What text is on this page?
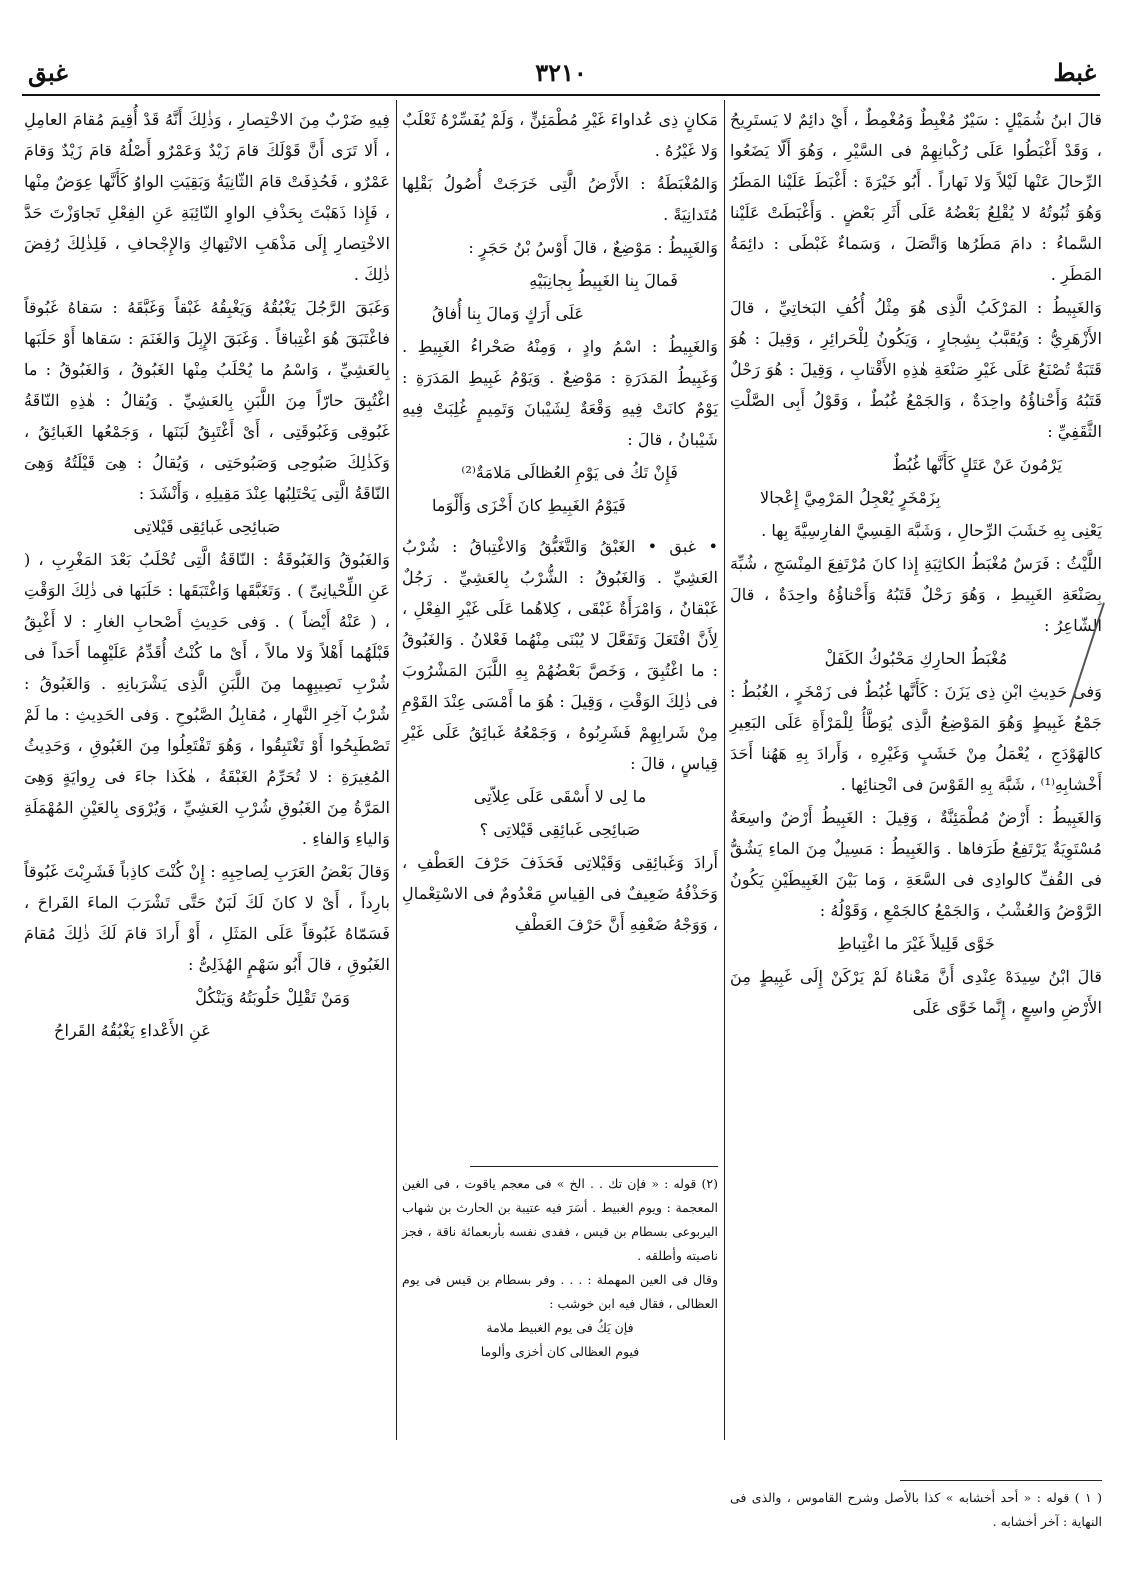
غبط
٣٢١٠
غبق

قالَ ابنُ شُمَيْلٍ : سَيْرٌ مُغْبِطٌ وَمُغْمِطٌ ، أَيْ دائِمٌ لا يَستَرِيحُ ، وَقَدْ أَغْبَطُوا عَلَى رُكْبانِهِمْ فى السَّيْرِ ، وَهُوَ أَلّا يَضَعُوا الرِّحالَ عَنْها لَيْلاً وَلا نَهاراً . أَبُو خَيْرَةَ : أَغْبَطَ عَلَيْنا المَطَرُ وَهُوَ ثُبُوتُهُ لا يُقْلِعُ بَعْضُهُ عَلَى أَثَرِ بَعْضٍ . وَأَغْبَطَتْ عَلَيْنا السَّماءُ : دامَ مَطَرُها وَاتَّصَلَ ، وَسَماءٌ غَبْطَى : دائِمَةُ المَطَرِ .

وَالغَبِيطُ : المَرْكَبُ الَّذِى هُوَ مِثْلُ أُكُفِ البَخاتِيِّ ، قالَ الأَزْهَرِيُّ : وَيُقَبَّبُ بِشِجارٍ ، وَيَكُونُ لِلْحَرائِرِ ، وَقِيلَ : هُوَ قَتَبَةٌ تُصْنَعُ عَلَى غَيْرِ صَنْعَةِ هٰذِهِ الأَقْتابِ ، وَقِيلَ : هُوَ رَحْلٌ قَتَبُهُ وَأَحْناؤُهُ واحِدَةٌ ، وَالجَمْعُ غُبُطٌ ، وَقَوْلُ أَبِى الصَّلْتِ الثَّقَفِيِّ :

يَرْمُونَ عَنْ عَتَلٍ كَأَنَّها غُبُطٌ

بِزَمْخَرٍ يُعْجِلُ المَرْمِيَّ إِعْجالا

يَعْنِى بِهِ خَشَبَ الرِّحالِ ، وَشَبَّهَ القِسِيَّ الفارِسِيَّةَ بِها .

اللَّيْثُ : فَرَسٌ مُغْبَطُ الكاثِبَةِ إِذا كانَ مُرْتَفِعَ المِنْسَجِ ، شُبِّهَ بِصَنْعَةِ الغَبِيطِ ، وَهُوَ رَحْلٌ قَتَبُهُ وَأَحْناؤُهُ واحِدَةٌ ، قالَ الشّاعِرُ :

مُغْبَطُ الحارِكِ مَحْبُوكُ الكَفَلْ

وَفى حَدِيثِ ابْنِ ذِى يَزَنَ : كَأَنَّها غُبُطٌ فى زَمْخَرٍ ، الغُبُطُ : جَمْعُ غَبِيطٍ وَهُوَ المَوْضِعُ الَّذِى يُوَطَّأُ لِلْمَرْأَةِ عَلَى البَعِيرِ كالهَوْدَجِ ، يُعْمَلُ مِنْ خَشَبٍ وَغَيْرِهِ ، وَأَرادَ بِهِ هَهُنا أَحَدَ أَخْشابِهِ⁽¹⁾ ، شَبَّهَ بِهِ القَوْسَ فى انْحِنائِها .

وَالغَبِيطُ : أَرْضٌ مُطْمَئِنَّةٌ ، وَقِيلَ : الغَبِيطُ أَرْضٌ واسِعَةٌ مُسْتَوِيَةٌ يَرْتَفِعُ طَرَفاها . وَالغَبِيطُ : مَسِيلٌ مِنَ الماءِ يَشُقُّ فى القُفِّ كالوادِى فى السَّعَةِ ، وَما بَيْنَ الغَبِيطَيْنِ يَكُونُ الرَّوْضُ وَالعُشْبُ ، وَالجَمْعُ كالجَمْعِ ، وَقَوْلُهُ :

خَوَّى قَلِيلاً غَيْرَ ما اغْتِباطِ

قالَ ابْنُ سِيدَهْ عِنْدِى أَنَّ مَعْناهُ لَمْ يَرْكَنْ إِلَى غَبِيطٍ مِنَ الأَرْضِ واسِعٍ ، إِنَّما خَوَّى عَلَى

مَكانٍ ذِى عُداواءَ غَيْرِ مُطْمَئِنٍّ ، وَلَمْ يُفَسِّرْهُ ثَعْلَبٌ وَلا غَيْرُهُ .

وَالمُغْبَطَةُ : الأَرْضُ الَّتِى خَرَجَتْ أُصُولُ بَقْلِها مُتَدانِيَةً .

وَالغَبِيطُ : مَوْضِعٌ ، قالَ أَوْسُ بْنُ حَجَرٍ :

فَمالَ بِنا الغَبِيطُ بِجانِبَيْهِ

عَلَى أَرَكٍ وَمالَ بِنا أُفاقُ

وَالغَبِيطُ : اسْمُ وادٍ ، وَمِنْهُ صَحْراءُ الغَبِيطِ . وَغَبِيطُ المَدَرَةِ : مَوْضِعٌ . وَيَوْمُ غَبِيطِ المَدَرَةِ : يَوْمٌ كانَتْ فِيهِ وَقْعَةٌ لِشَيْبانَ وَتَمِيمٍ غُلِبَتْ فِيهِ شَيْبانُ ، قالَ :

فَإِنْ تَكُ فى يَوْمِ العُظالَى مَلامَةٌ⁽²⁾

فَيَوْمُ الغَبِيطِ كانَ أَخْزَى وَأَلْوَما

• غبق • الغَبْقُ وَالتَّغَبُّقُ وَالاغْتِباقُ : شُرْبُ العَشِيِّ . وَالغَبُوقُ : الشُّرْبُ بِالعَشِيِّ . رَجُلٌ غَبْقانُ ، وَامْرَأَةٌ غَبْقَى ، كِلاهُما عَلَى غَيْرِ الفِعْلِ ، لِأَنَّ افْتَعَلَ وَتَفَعَّلَ لا يُبْنَى مِنْهُما فَعْلانُ . وَالغَبُوقُ : ما اغْتُبِقَ ، وَخَصَّ بَعْضُهُمْ بِهِ اللَّبَنَ المَشْرُوبَ فى ذٰلِكَ الوَقْتِ ، وَقِيلَ : هُوَ ما أَمْسَى عِنْدَ القَوْمِ مِنْ شَرابِهِمْ فَشَرِبُوهُ ، وَجَمْعُهُ غَبائِقُ عَلَى غَيْرِ قِياسٍ ، قالَ :

ما لِى لا أَسْقَى عَلَى عِلاّتِى

صَبائِحِى غَبائِقِى قَيْلاتِى ؟

أَرادَ وَغَبائِقِى وَقَيْلاتِى فَحَذَفَ حَرْفَ العَطْفِ ، وَحَذْفُهُ ضَعِيفٌ فى القِياسِ مَعْدُومٌ فى الاسْتِعْمالِ ، وَوَجْهُ ضَعْفِهِ أَنَّ حَرْفَ العَطْفِ

فِيهِ ضَرْبٌ مِنَ الاخْتِصارِ ، وَذٰلِكَ أَنَّهُ قَدْ أُقِيمَ مُقامَ العامِلِ ، أَلا تَرَى أَنَّ قَوْلَكَ قامَ زَيْدٌ وَعَمْرٌو أَصْلُهُ قامَ زَيْدٌ وَقامَ عَمْرٌو ، فَحُذِفَتْ قامَ الثّانِيَةُ وَبَقِيَتِ الواوُ كَأَنَّها عِوَضٌ مِنْها ، فَإِذا ذَهَبْتَ بِحَذْفِ الواوِ النّائِبَةِ عَنِ الفِعْلِ تَجاوَزْتَ حَدَّ الاخْتِصارِ إِلَى مَذْهَبِ الانْتِهاكِ وَالإِجْحافِ ، فَلِذٰلِكَ رُفِضَ ذٰلِكَ .

وَغَبَقَ الرَّجُلَ يَغْبُقُهُ وَيَغْبِقُهُ غَبْقاً وَغَبَّقَهُ : سَقاهُ غَبُوقاً فاغْتَبَقَ هُوَ اغْتِباقاً . وَغَبَقَ الإِبِلَ وَالغَنَمَ : سَقاها أَوْ حَلَبَها بِالعَشِيِّ ، وَاسْمُ ما يُحْلَبُ مِنْها الغَبُوقُ ، وَالغَبُوقُ : ما اغْتُبِقَ حارّاً مِنَ اللَّبَنِ بِالعَشِيِّ . وَيُقالُ : هٰذِهِ النّاقَةُ غَبُوقِى وَغَبُوقَتِى ، أَىْ أَغْتَبِقُ لَبَنَها ، وَجَمْعُها الغَبائِقُ ، وَكَذٰلِكَ صَبُوحِى وَصَبُوحَتِى ، وَيُقالُ : هِىَ قَيْلَتُهُ وَهِىَ النّاقَةُ الَّتِى يَحْتَلِبُها عِنْدَ مَقِيلِهِ ، وَأَنْشَدَ :

صَبائِحِى غَبائِقِى قَيْلاتِى

وَالغَبُوقُ وَالغَبُوقَةُ : النّاقَةُ الَّتِى تُحْلَبُ بَعْدَ المَغْرِبِ ، ( عَنِ اللِّحْيانِىِّ ) . وَتَغَبَّقَها وَاغْتَبَقَها : حَلَبَها فى ذٰلِكَ الوَقْتِ ، ( عَنْهُ أَيْضاً ) . وَفى حَدِيثِ أَصْحابِ الغارِ : لا أَغْبِقُ قَبْلَهُما أَهْلاً وَلا مالاً ، أَىْ ما كُنْتُ أُقَدِّمُ عَلَيْهِما أَحَداً فى شُرْبِ نَصِيبِهِما مِنَ اللَّبَنِ الَّذِى يَشْرَبانِهِ . وَالغَبُوقُ : شُرْبُ آخِرِ النَّهارِ ، مُقابِلُ الصَّبُوحِ . وَفى الحَدِيثِ : ما لَمْ تَصْطَبِحُوا أَوْ تَغْتَبِقُوا ، وَهُوَ تَفْتَعِلُوا مِنَ الغَبُوقِ ، وَحَدِيثُ المُغِيرَةِ : لا تُحَرِّمُ الغَبْقَةُ ، هٰكَذا جاءَ فى رِوايَةٍ وَهِىَ المَرَّةُ مِنَ الغَبُوقِ شُرْبِ العَشِيِّ ، وَيُرْوَى بِالعَيْنِ المُهْمَلَةِ وَالياءِ وَالفاءِ .

وَقالَ بَعْضُ العَرَبِ لِصاحِبِهِ : إِنْ كُنْتَ كاذِباً فَشَرِبْتَ غَبُوقاً بارِداً ، أَىْ لا كانَ لَكَ لَبَنٌ حَتَّى تَشْرَبَ الماءَ القَراحَ ، فَسَمّاهُ غَبُوقاً عَلَى المَثَلِ ، أَوْ أَرادَ قامَ لَكَ ذٰلِكَ مُقامَ الغَبُوقِ ، قالَ أَبُو سَهْمٍ الهُذَلِىُّ :

وَمَنْ تَقْلِلْ حَلُوبَتُهُ وَيَنْكُلْ

عَنِ الأَعْداءِ يَغْبُقُهُ القَراحُ

(٢) قوله : « فإن تك . . الخ » فى معجم ياقوت ، فى الغين المعجمة : ويوم الغبيط . أسَرَ فيه عتيبة بن الحارث بن شهاب اليربوعى بسطام بن قيس ، ففدى نفسه بأربعمائة ناقة ، فجز ناصيته وأطلقه .

وقال فى العين المهملة : . . . وفر بسطام بن قيس فى يوم العظالى ، فقال فيه ابن خوشب :

فإن يَكُ فى يوم الغبيط ملامة

فيوم العظالى كان أخزى وألوما

( ١ ) قوله : « أحد أخشابه » كذا بالأصل وشرح القاموس ، والذى فى النهاية : آخر أخشابه .
